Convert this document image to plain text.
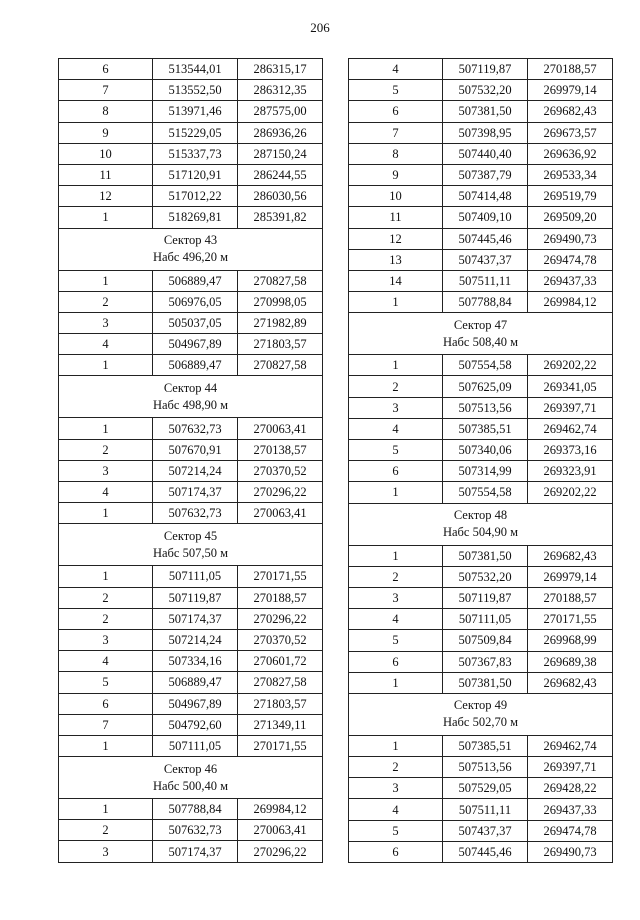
206
6	513544,01	286315,17
7	513552,50	286312,35
8	513971,46	287575,00
9	515229,05	286936,26
10	515337,73	287150,24
11	517120,91	286244,55
12	517012,22	286030,56
1	518269,81	285391,82

Сектор 43
Набс 496,20 м		

1	506889,47	270827,58
2	506976,05	270998,05
3	505037,05	271982,89
4	504967,89	271803,57
1	506889,47	270827,58

Сектор 44
Набс 498,90 м		

1	507632,73	270063,41
2	507670,91	270138,57
3	507214,24	270370,52
4	507174,37	270296,22
1	507632,73	270063,41

Сектор 45
Набс 507,50 м		

1	507111,05	270171,55
2	507119,87	270188,57
2	507174,37	270296,22
3	507214,24	270370,52
4	507334,16	270601,72
5	506889,47	270827,58
6	504967,89	271803,57
7	504792,60	271349,11
1	507111,05	270171,55

Сектор 46
Набс 500,40 м		

1	507788,84	269984,12
2	507632,73	270063,41
3	507174,37	270296,22
4	507119,87	270188,57
5	507532,20	269979,14
6	507381,50	269682,43
7	507398,95	269673,57
8	507440,40	269636,92
9	507387,79	269533,34
10	507414,48	269519,79
11	507409,10	269509,20
12	507445,46	269490,73
13	507437,37	269474,78
14	507511,11	269437,33
1	507788,84	269984,12

Сектор 47
Набс 508,40 м		

1	507554,58	269202,22
2	507625,09	269341,05
3	507513,56	269397,71
4	507385,51	269462,74
5	507340,06	269373,16
6	507314,99	269323,91
1	507554,58	269202,22

Сектор 48
Набс 504,90 м		

1	507381,50	269682,43
2	507532,20	269979,14
3	507119,87	270188,57
4	507111,05	270171,55
5	507509,84	269968,99
6	507367,83	269689,38
1	507381,50	269682,43

Сектор 49
Набс 502,70 м		

1	507385,51	269462,74
2	507513,56	269397,71
3	507529,05	269428,22
4	507511,11	269437,33
5	507437,37	269474,78
6	507445,46	269490,73
